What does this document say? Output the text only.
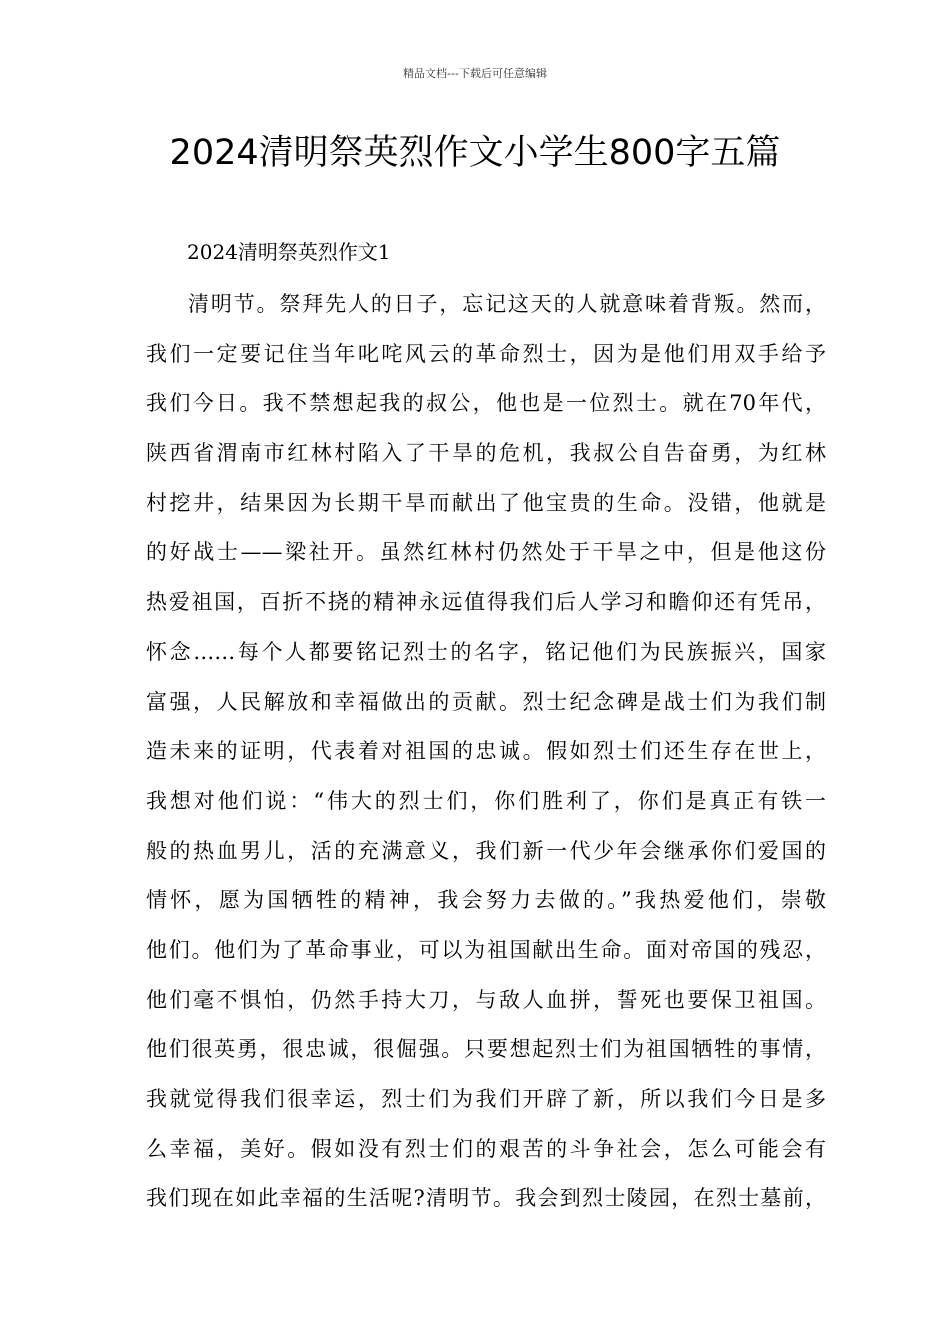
精品文档---下载后可任意编辑
2024清明祭英烈作文小学生800字五篇
2024清明祭英烈作文1
清明节。祭拜先人的日子，忘记这天的人就意味着背叛。然而，
我们一定要记住当年叱咤风云的革命烈士，因为是他们用双手给予
我们今日。我不禁想起我的叔公，他也是一位烈士。就在70年代，
陕西省渭南市红林村陷入了干旱的危机，我叔公自告奋勇，为红林
村挖井，结果因为长期干旱而献出了他宝贵的生命。没错，他就是
的好战士——梁社开。虽然红林村仍然处于干旱之中，但是他这份
热爱祖国，百折不挠的精神永远值得我们后人学习和瞻仰还有凭吊，
怀念……每个人都要铭记烈士的名字，铭记他们为民族振兴，国家
富强，人民解放和幸福做出的贡献。烈士纪念碑是战士们为我们制
造未来的证明，代表着对祖国的忠诚。假如烈士们还生存在世上，
我想对他们说：“伟大的烈士们，你们胜利了，你们是真正有铁一
般的热血男儿，活的充满意义，我们新一代少年会继承你们爱国的
情怀，愿为国牺牲的精神，我会努力去做的。”我热爱他们，崇敬
他们。他们为了革命事业，可以为祖国献出生命。面对帝国的残忍，
他们毫不惧怕，仍然手持大刀，与敌人血拼，誓死也要保卫祖国。
他们很英勇，很忠诚，很倔强。只要想起烈士们为祖国牺牲的事情，
我就觉得我们很幸运，烈士们为我们开辟了新，所以我们今日是多
么幸福，美好。假如没有烈士们的艰苦的斗争社会，怎么可能会有
我们现在如此幸福的生活呢?清明节。我会到烈士陵园，在烈士墓前，
